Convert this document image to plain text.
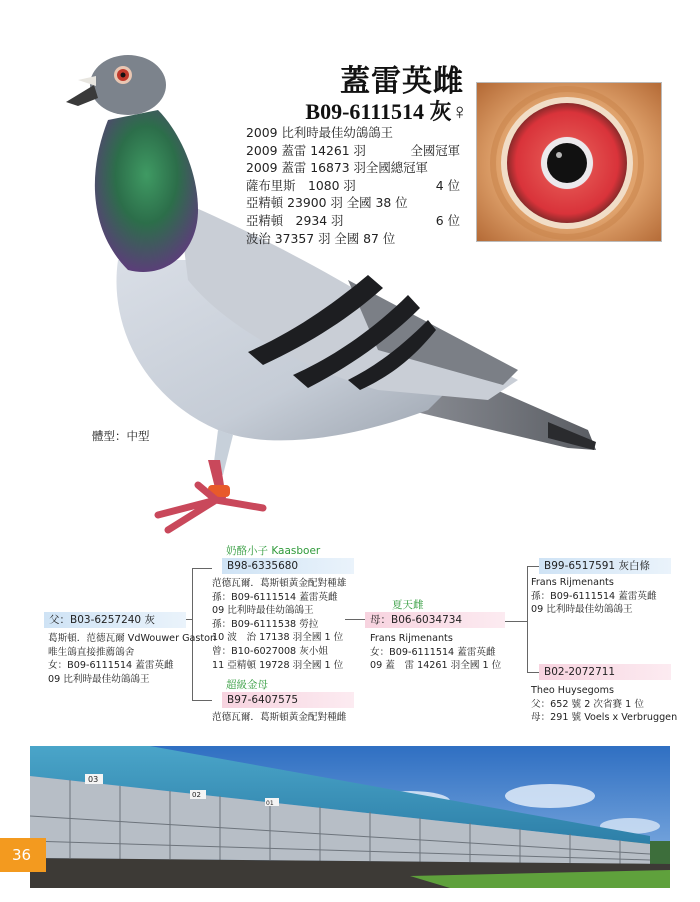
體型：中型
蓋雷英雌
B09-6111514 灰♀
2009 比利時最佳幼鴿鴿王
2009 蓋雷 14261 羽	全國冠軍
2009 蓋雷 16873 羽全國總冠軍
薩布里斯　1080 羽	4 位
亞精頓 23900 羽 全國 38 位
亞精頓　2934 羽	6 位
波治 37357 羽 全國 87 位
父：B03-6257240 灰
葛斯頓．范德瓦爾 VdWouwer Gaston
唯生鴿直接推薦鴿舍
女：B09-6111514 蓋雷英雌
09 比利時最佳幼鴿鴿王
奶酪小子 Kaasboer
B98-6335680
范德瓦爾．葛斯頓黃金配對種雄
孫：B09-6111514 蓋雷英雌
09 比利時最佳幼鴿鴿王
孫：B09-6111538 勞拉
10 波　治 17138 羽全國 1 位
曾：B10-6027008 灰小姐
11 亞精頓 19728 羽全國 1 位
超級金母
B97-6407575
范德瓦爾．葛斯頓黃金配對種雌
夏天雌
母：B06-6034734
Frans Rijmenants
女：B09-6111514 蓋雷英雌
09 蓋　雷 14261 羽全國 1 位
B99-6517591 灰白條
Frans Rijmenants
孫：B09-6111514 蓋雷英雌
09 比利時最佳幼鴿鴿王
B02-2072711
Theo Huysegoms
父：652 號 2 次省賽 1 位
母：291 號 Voels x Verbruggen
03
02
01
36
